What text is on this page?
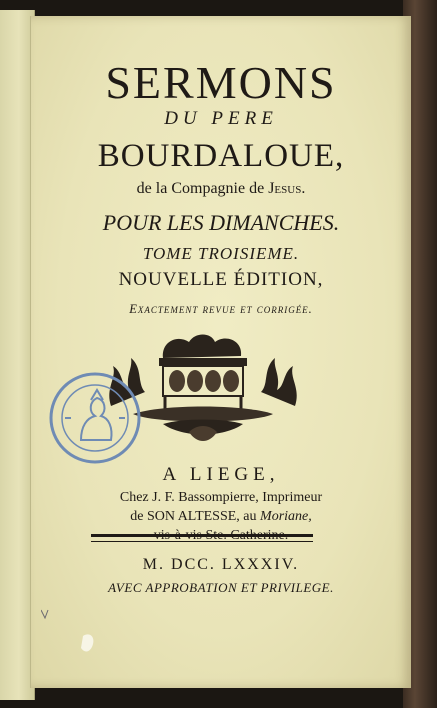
SERMONS
DU PERE
BOURDALOUE,
de la Compagnie de Jesus.
POUR LES DIMANCHES.
TOME TROISIEME.
NOUVELLE ÉDITION,
Exactement revue et corrigée.
A LIEGE,
Chez J. F. Bassompierre, Imprimeur
de SON ALTESSE, au Moriane,
vis-à-vis Ste. Catherine.
M. DCC. LXXXIV.
AVEC APPROBATION ET PRIVILEGE.
